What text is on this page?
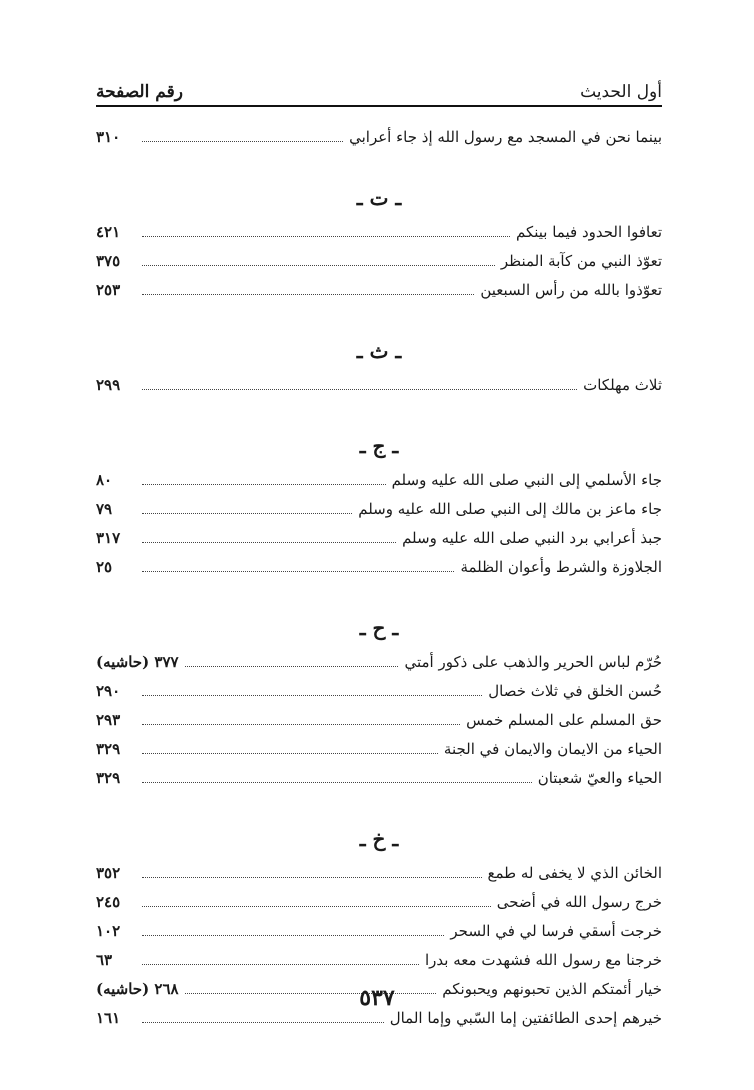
أول الحديث
رقم الصفحة
بينما نحن في المسجد مع رسول الله إذ جاء أعرابي
٣١٠
ـ ت ـ
تعافوا الحدود فيما بينكم
٤٢١
تعوّذ النبي من كآبة المنظر
٣٧٥
تعوّذوا بالله من رأس السبعين
٢٥٣
ـ ث ـ
ثلاث مهلكات
٢٩٩
ـ ج ـ
جاء الأسلمي إلى النبي صلى الله عليه وسلم
٨٠
جاء ماعز بن مالك إلى النبي صلى الله عليه وسلم
٧٩
جبذ أعرابي برد النبي صلى الله عليه وسلم
٣١٧
الجلاوزة والشرط وأعوان الظلمة
٢٥
ـ ح ـ
حُرّم لباس الحرير والذهب على ذكور أمتي
٣٧٧ (حاشيه)
حُسن الخلق في ثلاث خصال
٢٩٠
حق المسلم على المسلم خمس
٢٩٣
الحياء من الايمان والايمان في الجنة
٣٢٩
الحياء والعيّ شعبتان
٣٢٩
ـ خ ـ
الخائن الذي لا يخفى له طمع
٣٥٢
خرج رسول الله في أضحى
٢٤٥
خرجت أسقي فرسا لي في السحر
١٠٢
خرجنا مع رسول الله فشهدت معه بدرا
٦٣
خيار أئمتكم الذين تحبونهم ويحبونكم
٢٦٨ (حاشيه)
خيرهم إحدى الطائفتين إما السّبي وإما المال
١٦١
٥٣٧
